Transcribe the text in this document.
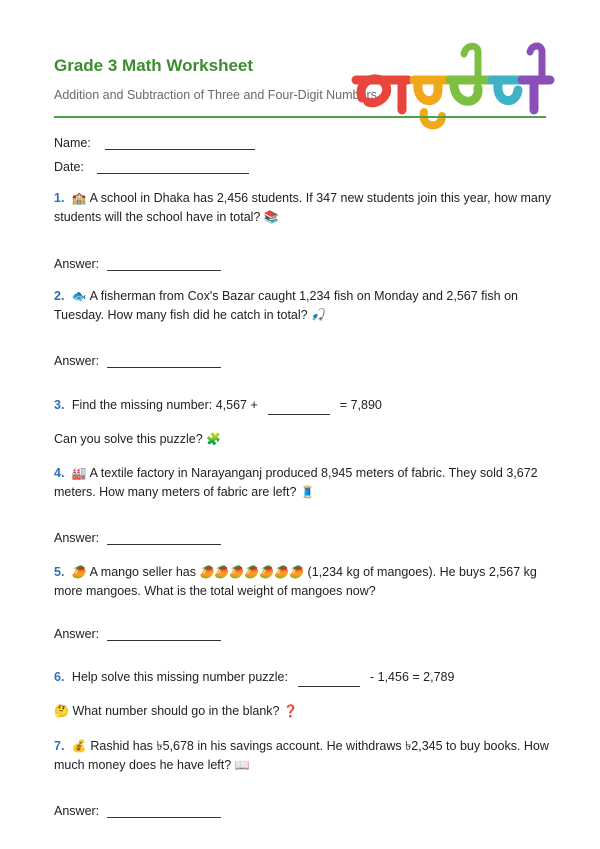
Grade 3 Math Worksheet
Addition and Subtraction of Three and Four-Digit Numbers
Name:
Date:
1. 🏫 A school in Dhaka has 2,456 students. If 347 new students join this year, how many students will the school have in total? 📚
Answer:
2. 🐟 A fisherman from Cox's Bazar caught 1,234 fish on Monday and 2,567 fish on Tuesday. How many fish did he catch in total? 🎣
Answer:
3. Find the missing number: 4,567 +	= 7,890
Can you solve this puzzle? 🧩
4. 🏭 A textile factory in Narayanganj produced 8,945 meters of fabric. They sold 3,672 meters. How many meters of fabric are left? 🧵
Answer:
5. 🥭 A mango seller has 🥭🥭🥭🥭🥭🥭🥭 (1,234 kg of mangoes). He buys 2,567 kg more mangoes. What is the total weight of mangoes now?
Answer:
6. Help solve this missing number puzzle:	- 1,456 = 2,789
🤔 What number should go in the blank? ❓
7. 💰 Rashid has ৳5,678 in his savings account. He withdraws ৳2,345 to buy books. How much money does he have left? 📖
Answer:
